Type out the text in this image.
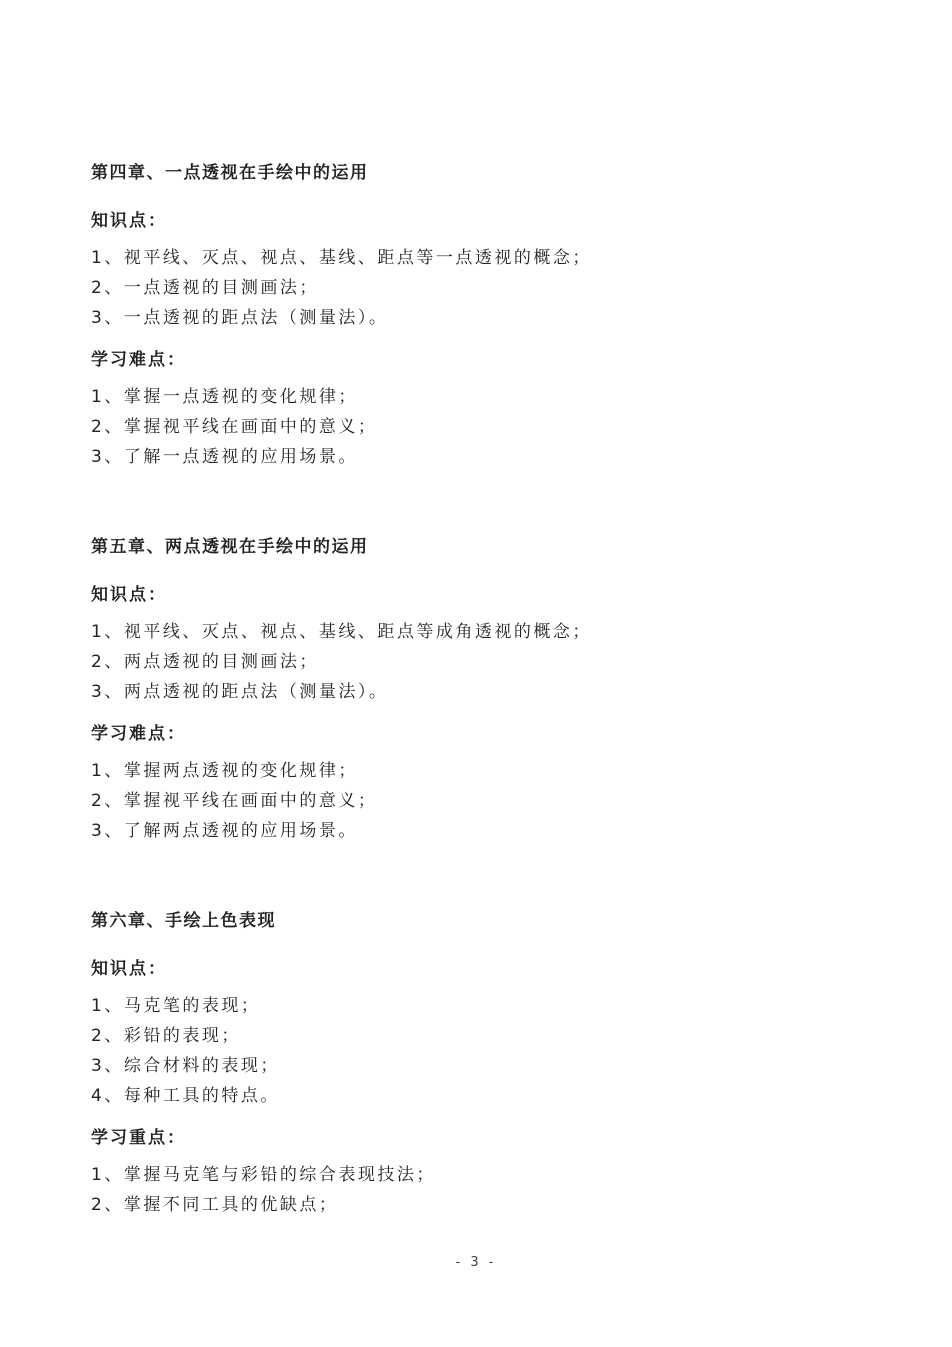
第四章、一点透视在手绘中的运用
知识点：
1、视平线、灭点、视点、基线、距点等一点透视的概念；
2、一点透视的目测画法；
3、一点透视的距点法（测量法）。
学习难点：
1、掌握一点透视的变化规律；
2、掌握视平线在画面中的意义；
3、了解一点透视的应用场景。
第五章、两点透视在手绘中的运用
知识点：
1、视平线、灭点、视点、基线、距点等成角透视的概念；
2、两点透视的目测画法；
3、两点透视的距点法（测量法）。
学习难点：
1、掌握两点透视的变化规律；
2、掌握视平线在画面中的意义；
3、了解两点透视的应用场景。
第六章、手绘上色表现
知识点：
1、马克笔的表现；
2、彩铅的表现；
3、综合材料的表现；
4、每种工具的特点。
学习重点：
1、掌握马克笔与彩铅的综合表现技法；
2、掌握不同工具的优缺点；
- 3 -
